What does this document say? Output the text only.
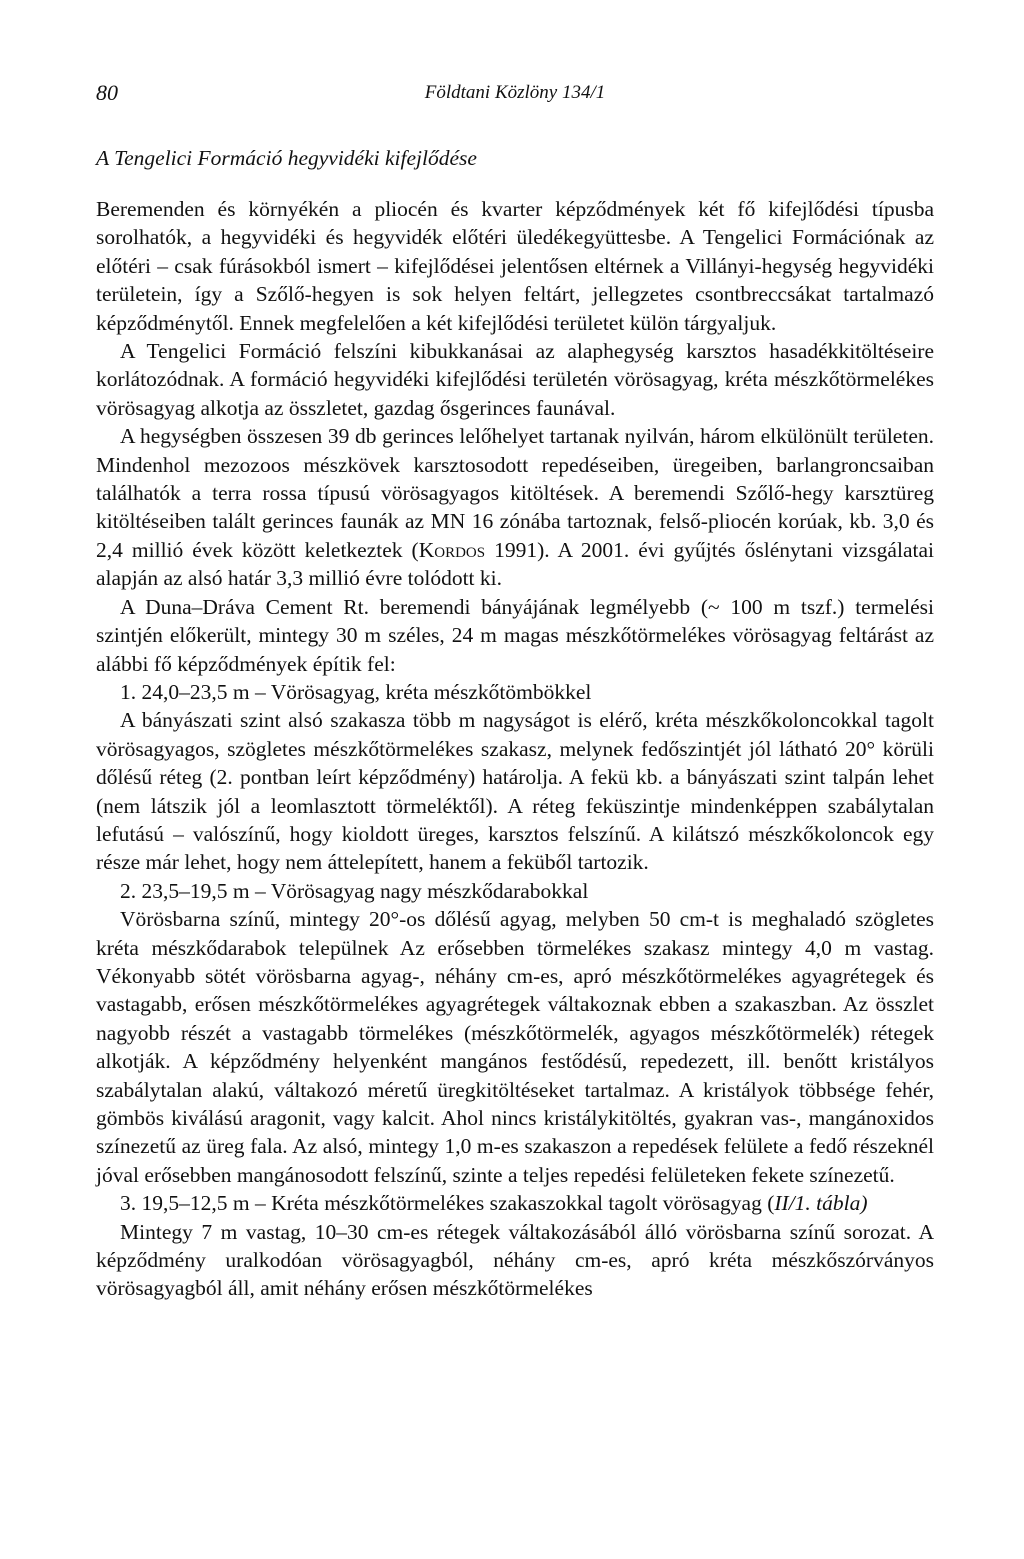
80	Földtani Közlöny 134/1
A Tengelici Formáció hegyvidéki kifejlődése

Beremenden és környékén a pliocén és kvarter képződmények két fő kifejlődési típusba sorolhatók, a hegyvidéki és hegyvidék előtéri üledékegyüttesbe. A Tengelici Formációnak az előtéri – csak fúrásokból ismert – kifejlődései jelentősen eltérnek a Villányi-hegység hegyvidéki területein, így a Szőlő-hegyen is sok helyen feltárt, jellegzetes csontbreccsákat tartalmazó képződménytől. Ennek megfelelően a két kifejlődési területet külön tárgyaljuk.

A Tengelici Formáció felszíni kibukkanásai az alaphegység karsztos hasadékkitöltéseire korlátozódnak. A formáció hegyvidéki kifejlődési területén vörösagyag, kréta mészkőtörmelékes vörösagyag alkotja az összletet, gazdag ősgerinces faunával.

A hegységben összesen 39 db gerinces lelőhelyet tartanak nyilván, három elkülönült területen. Mindenhol mezozoos mészkövek karsztosodott repedéseiben, üregeiben, barlangroncsaiban találhatók a terra rossa típusú vörösagyagos kitöltések. A beremendi Szőlő-hegy karsztüreg kitöltéseiben talált gerinces faunák az MN 16 zónába tartoznak, felső-pliocén korúak, kb. 3,0 és 2,4 millió évek között keletkeztek (Kordos 1991). A 2001. évi gyűjtés őslénytani vizsgálatai alapján az alsó határ 3,3 millió évre tolódott ki.

A Duna–Dráva Cement Rt. beremendi bányájának legmélyebb (~ 100 m tszf.) termelési szintjén előkerült, mintegy 30 m széles, 24 m magas mészkőtörmelékes vörösagyag feltárást az alábbi fő képződmények építik fel:

1. 24,0–23,5 m – Vörösagyag, kréta mészkőtömbökkel

A bányászati szint alsó szakasza több m nagyságot is elérő, kréta mészkőkoloncokkal tagolt vörösagyagos, szögletes mészkőtörmelékes szakasz, melynek fedőszintjét jól látható 20° körüli dőlésű réteg (2. pontban leírt képződmény) határolja. A fekü kb. a bányászati szint talpán lehet (nem látszik jól a leomlasztott törmeléktől). A réteg feküszintje mindenképpen szabálytalan lefutású – valószínű, hogy kioldott üreges, karsztos felszínű. A kilátszó mészkőkoloncok egy része már lehet, hogy nem áttelepített, hanem a feküből tartozik.

2. 23,5–19,5 m – Vörösagyag nagy mészkődarabokkal

Vörösbarna színű, mintegy 20°-os dőlésű agyag, melyben 50 cm-t is meghaladó szögletes kréta mészkődarabok települnek Az erősebben törmelékes szakasz mintegy 4,0 m vastag. Vékonyabb sötét vörösbarna agyag-, néhány cm-es, apró mészkőtörmelékes agyagrétegek és vastagabb, erősen mészkőtörmelékes agyagrétegek váltakoznak ebben a szakaszban. Az összlet nagyobb részét a vastagabb törmelékes (mészkőtörmelék, agyagos mészkőtörmelék) rétegek alkotják. A képződmény helyenként mangános festődésű, repedezett, ill. benőtt kristályos szabálytalan alakú, váltakozó méretű üregkitöltéseket tartalmaz. A kristályok többsége fehér, gömbös kiválású aragonit, vagy kalcit. Ahol nincs kristálykitöltés, gyakran vas-, mangánoxidos színezetű az üreg fala. Az alsó, mintegy 1,0 m-es szakaszon a repedések felülete a fedő részeknél jóval erősebben mangánosodott felszínű, szinte a teljes repedési felületeken fekete színezetű.

3. 19,5–12,5 m – Kréta mészkőtörmelékes szakaszokkal tagolt vörösagyag (II/1. tábla)

Mintegy 7 m vastag, 10–30 cm-es rétegek váltakozásából álló vörösbarna színű sorozat. A képződmény uralkodóan vörösagyagból, néhány cm-es, apró kréta mészkőszórványos vörösagyagból áll, amit néhány erősen mészkőtörmelékes
